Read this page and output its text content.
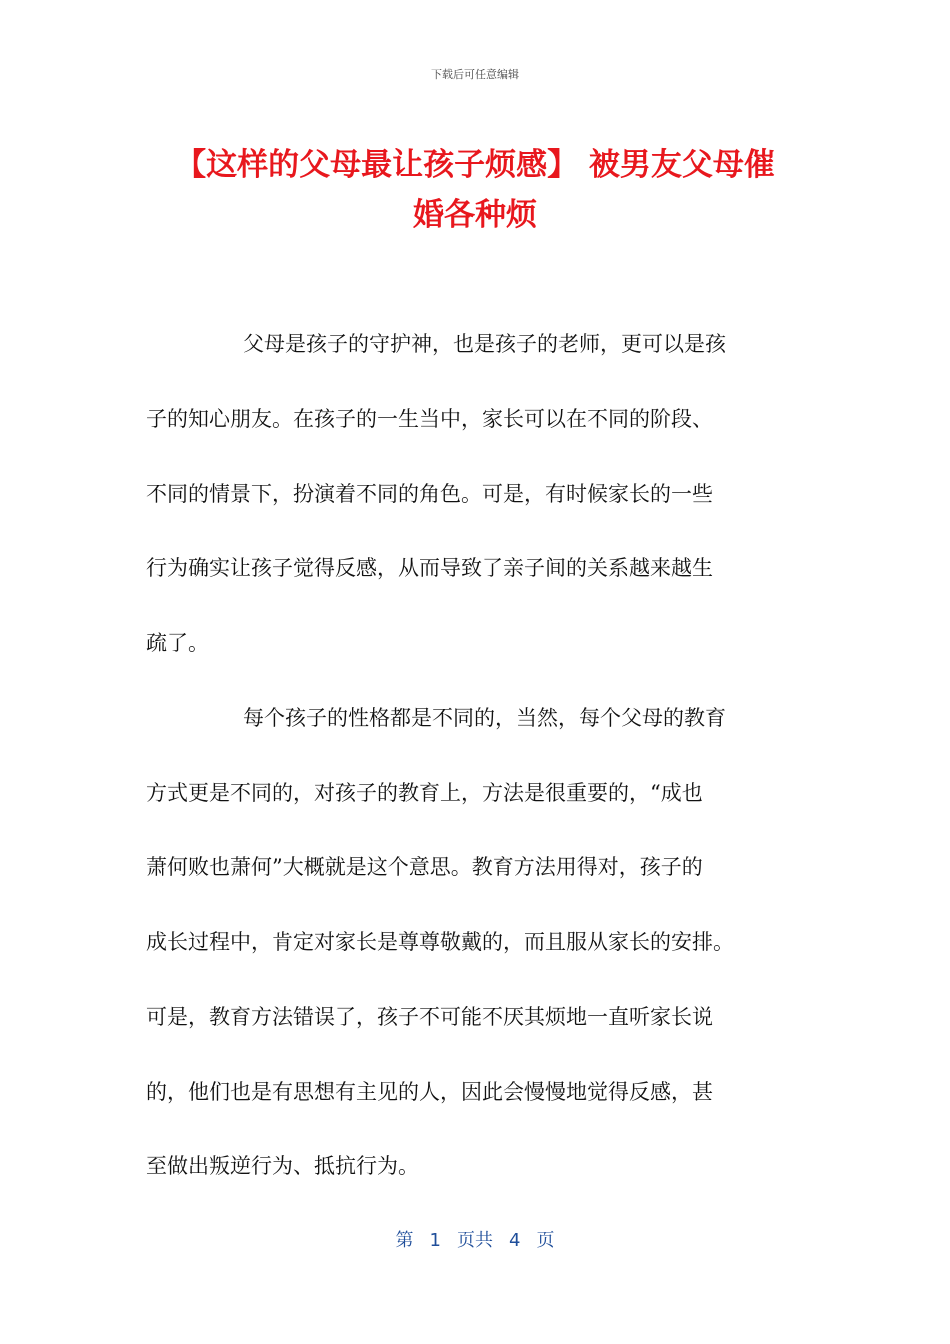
下载后可任意编辑
【这样的父母最让孩子烦感】 被男友父母催
婚各种烦
父母是孩子的守护神，也是孩子的老师，更可以是孩
子的知心朋友。在孩子的一生当中，家长可以在不同的阶段、
不同的情景下，扮演着不同的角色。可是，有时候家长的一些
行为确实让孩子觉得反感，从而导致了亲子间的关系越来越生
疏了。
每个孩子的性格都是不同的，当然，每个父母的教育
方式更是不同的，对孩子的教育上，方法是很重要的，“成也
萧何败也萧何”大概就是这个意思。教育方法用得对，孩子的
成长过程中，肯定对家长是尊尊敬戴的，而且服从家长的安排。
可是，教育方法错误了，孩子不可能不厌其烦地一直听家长说
的，他们也是有思想有主见的人，因此会慢慢地觉得反感，甚
至做出叛逆行为、抵抗行为。
第 1 页共 4 页
